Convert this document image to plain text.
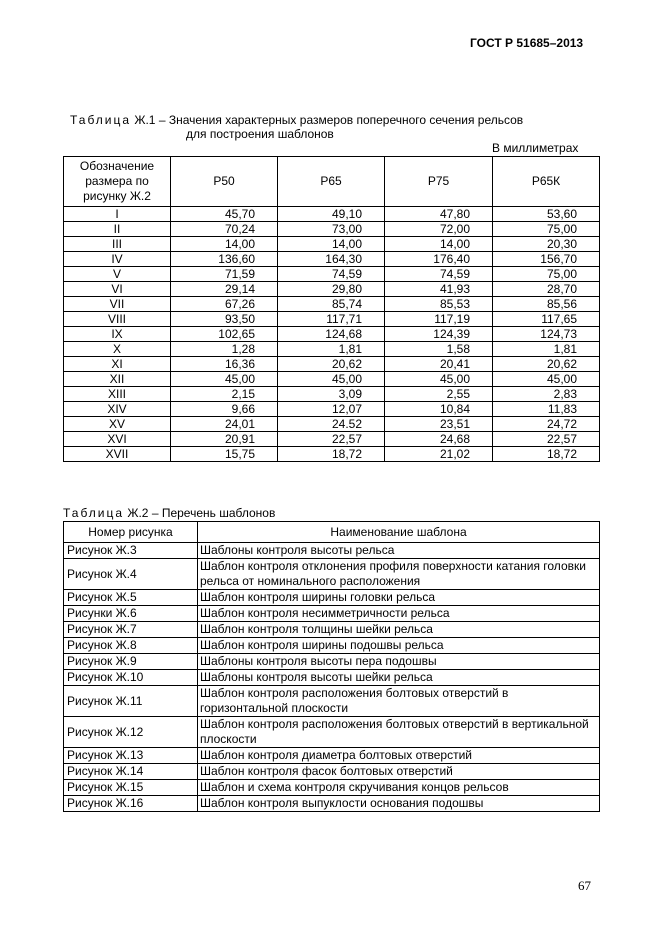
ГОСТ Р 51685–2013
Таблица Ж.1 – Значения характерных размеров поперечного сечения рельсов
для построения шаблонов
В миллиметрах
Обозначение размера по рисунку Ж.2	Р50	Р65	Р75	Р65К
I	45,70	49,10	47,80	53,60
II	70,24	73,00	72,00	75,00
III	14,00	14,00	14,00	20,30
IV	136,60	164,30	176,40	156,70
V	71,59	74,59	74,59	75,00
VI	29,14	29,80	41,93	28,70
VII	67,26	85,74	85,53	85,56
VIII	93,50	117,71	117,19	117,65
IX	102,65	124,68	124,39	124,73
X	1,28	1,81	1,58	1,81
XI	16,36	20,62	20,41	20,62
XII	45,00	45,00	45,00	45,00
XIII	2,15	3,09	2,55	2,83
XIV	9,66	12,07	10,84	11,83
XV	24,01	24.52	23,51	24,72
XVI	20,91	22,57	24,68	22,57
XVII	15,75	18,72	21,02	18,72
Таблица Ж.2 – Перечень шаблонов
Номер рисунка	Наименование шаблона
Рисунок Ж.3	Шаблоны контроля высоты рельса
Рисунок Ж.4	Шаблон контроля отклонения профиля поверхности катания головки рельса от номинального расположения
Рисунок Ж.5	Шаблон контроля ширины головки рельса
Рисунки Ж.6	Шаблон контроля несимметричности рельса
Рисунок Ж.7	Шаблон контроля толщины шейки рельса
Рисунок Ж.8	Шаблон контроля ширины подошвы рельса
Рисунок Ж.9	Шаблоны контроля высоты пера подошвы
Рисунок Ж.10	Шаблоны контроля высоты шейки рельса
Рисунок Ж.11	Шаблон контроля расположения болтовых отверстий в горизонтальной плоскости
Рисунок Ж.12	Шаблон контроля расположения болтовых отверстий в вертикальной плоскости
Рисунок Ж.13	Шаблон контроля диаметра болтовых отверстий
Рисунок Ж.14	Шаблон контроля фасок болтовых отверстий
Рисунок Ж.15	Шаблон и схема контроля скручивания концов рельсов
Рисунок Ж.16	Шаблон контроля выпуклости основания подошвы
67
